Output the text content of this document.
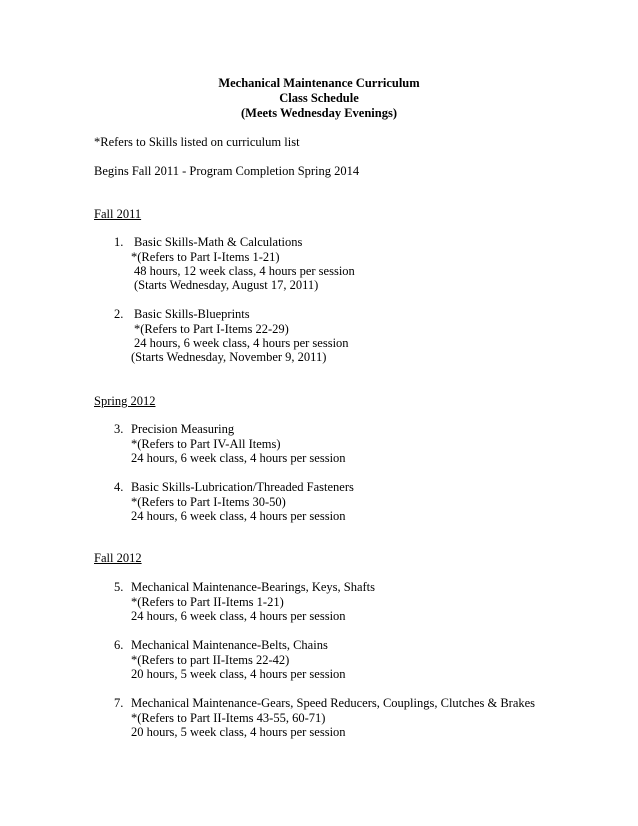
Mechanical Maintenance Curriculum
Class Schedule
(Meets Wednesday Evenings)
*Refers to Skills listed on curriculum list
Begins Fall 2011 - Program Completion Spring 2014
Fall 2011
1. Basic Skills-Math & Calculations
*(Refers to Part I-Items 1-21)
48 hours, 12 week class, 4 hours per session
(Starts Wednesday, August 17, 2011)
2. Basic Skills-Blueprints
*(Refers to Part I-Items 22-29)
24 hours, 6 week class, 4 hours per session
(Starts Wednesday, November 9, 2011)
Spring 2012
3. Precision Measuring
*(Refers to Part IV-All Items)
24 hours, 6 week class, 4 hours per session
4. Basic Skills-Lubrication/Threaded Fasteners
*(Refers to Part I-Items 30-50)
24 hours, 6 week class, 4 hours per session
Fall 2012
5. Mechanical Maintenance-Bearings, Keys, Shafts
*(Refers to Part II-Items 1-21)
24 hours, 6 week class, 4 hours per session
6. Mechanical Maintenance-Belts, Chains
*(Refers to part II-Items 22-42)
20 hours, 5 week class, 4 hours per session
7. Mechanical Maintenance-Gears, Speed Reducers, Couplings, Clutches & Brakes
*(Refers to Part II-Items 43-55, 60-71)
20 hours, 5 week class, 4 hours per session
